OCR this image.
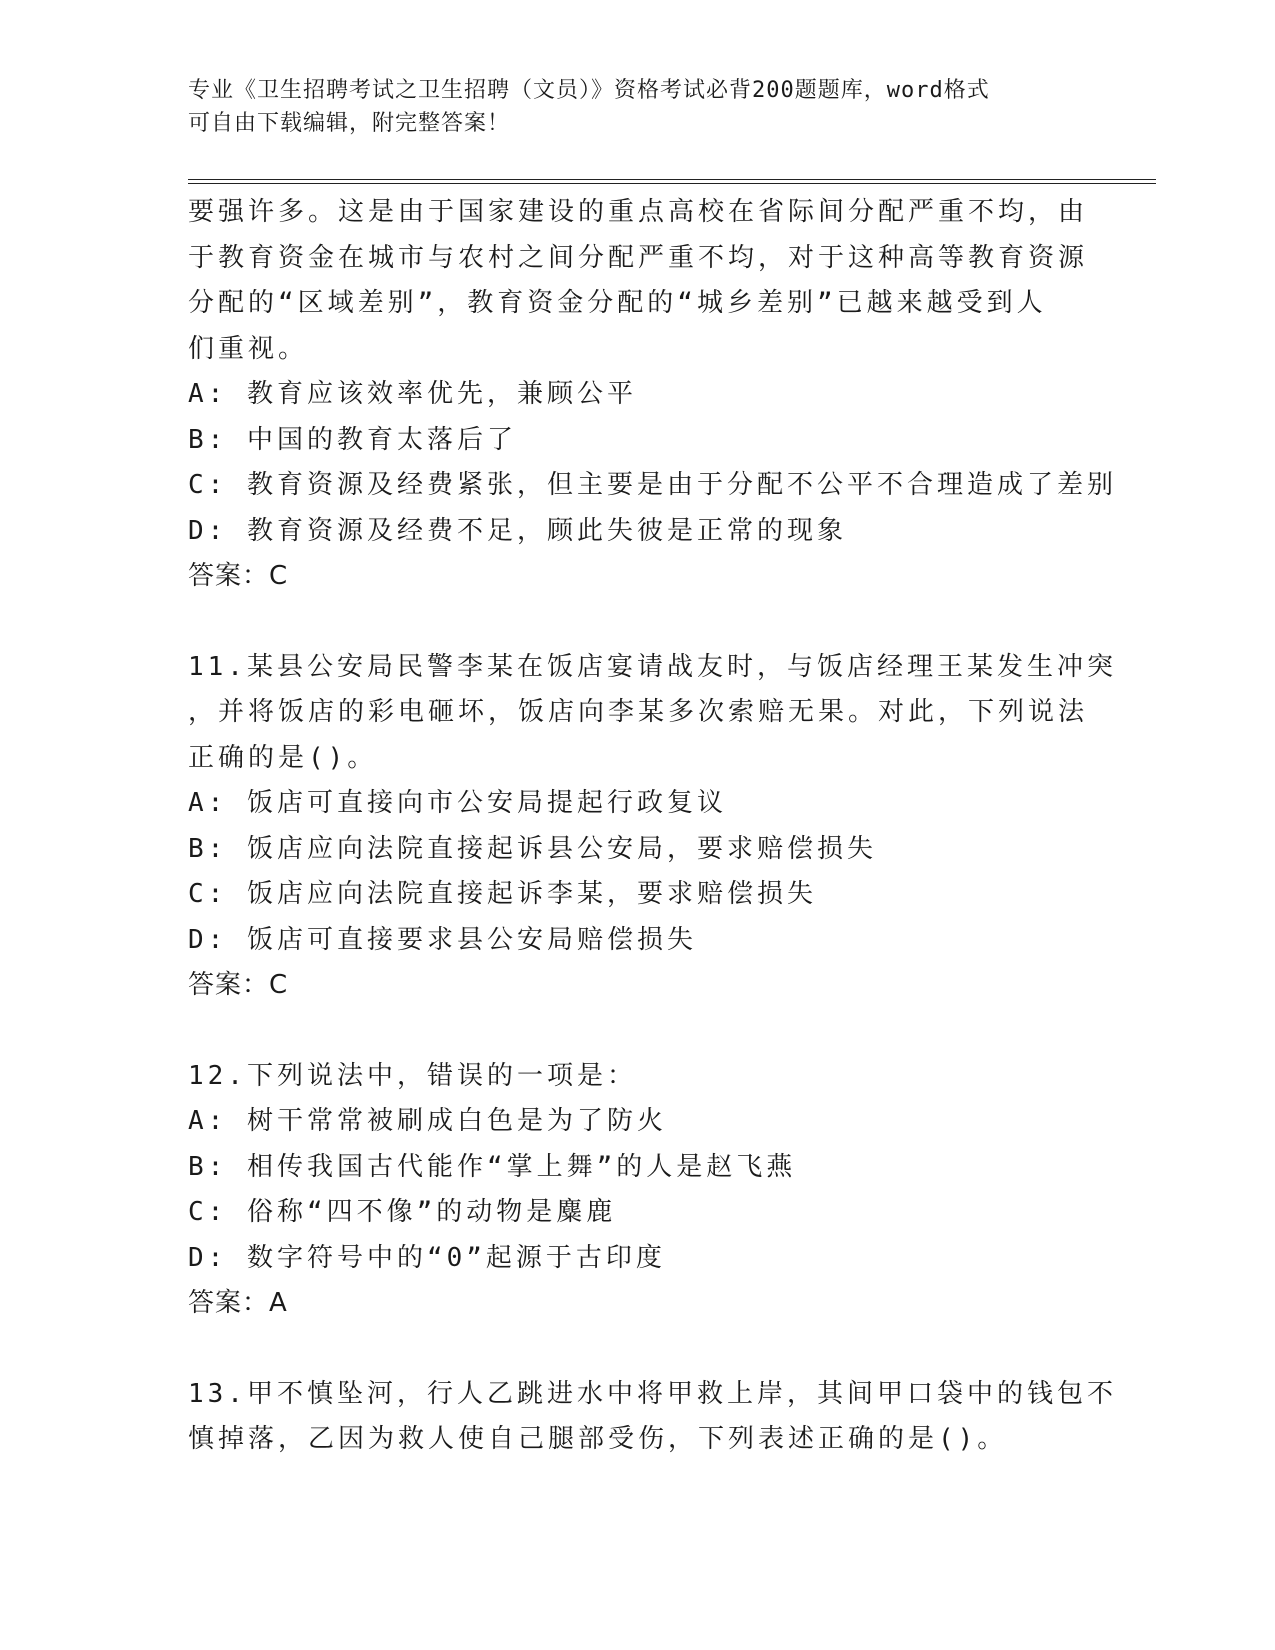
专业《卫生招聘考试之卫生招聘（文员）》资格考试必背200题题库，word格式

可自由下载编辑，附完整答案！

要强许多。这是由于国家建设的重点高校在省际间分配严重不均，由

于教育资金在城市与农村之间分配严重不均，对于这种高等教育资源

分配的“区域差别”，教育资金分配的“城乡差别”已越来越受到人

们重视。

A: 教育应该效率优先，兼顾公平

B: 中国的教育太落后了

C: 教育资源及经费紧张，但主要是由于分配不公平不合理造成了差别

D: 教育资源及经费不足，顾此失彼是正常的现象

答案：C

11.某县公安局民警李某在饭店宴请战友时，与饭店经理王某发生冲突

，并将饭店的彩电砸坏，饭店向李某多次索赔无果。对此，下列说法

正确的是()。

A: 饭店可直接向市公安局提起行政复议

B: 饭店应向法院直接起诉县公安局，要求赔偿损失

C: 饭店应向法院直接起诉李某，要求赔偿损失

D: 饭店可直接要求县公安局赔偿损失

答案：C

12.下列说法中，错误的一项是：

A: 树干常常被刷成白色是为了防火

B: 相传我国古代能作“掌上舞”的人是赵飞燕

C: 俗称“四不像”的动物是麋鹿

D: 数字符号中的“0”起源于古印度

答案：A

13.甲不慎坠河，行人乙跳进水中将甲救上岸，其间甲口袋中的钱包不

慎掉落，乙因为救人使自己腿部受伤，下列表述正确的是()。
